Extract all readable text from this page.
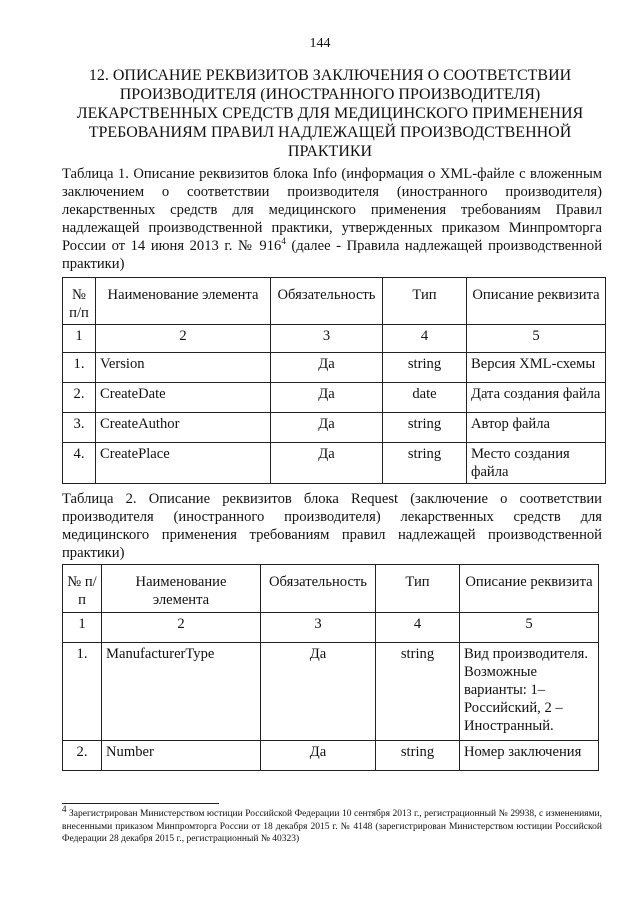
144
12. ОПИСАНИЕ РЕКВИЗИТОВ ЗАКЛЮЧЕНИЯ О СООТВЕТСТВИИ ПРОИЗВОДИТЕЛЯ (ИНОСТРАННОГО ПРОИЗВОДИТЕЛЯ) ЛЕКАРСТВЕННЫХ СРЕДСТВ ДЛЯ МЕДИЦИНСКОГО ПРИМЕНЕНИЯ ТРЕБОВАНИЯМ ПРАВИЛ НАДЛЕЖАЩЕЙ ПРОИЗВОДСТВЕННОЙ ПРАКТИКИ
Таблица 1. Описание реквизитов блока Info (информация о XML-файле с вложенным заключением о соответствии производителя (иностранного производителя) лекарственных средств для медицинского применения требованиям Правил надлежащей производственной практики, утвержденных приказом Минпромторга России от 14 июня 2013 г. № $916^4$ (далее - Правила надлежащей производственной практики)
№ п/п	Наименование элемента	Обязательность	Тип	Описание реквизита
1	2	3	4	5
1.	Version	Да	string	Версия XML-схемы
2.	CreateDate	Да	date	Дата создания файла
3.	CreateAuthor	Да	string	Автор файла
4.	CreatePlace	Да	string	Место создания файла
Таблица 2. Описание реквизитов блока Request (заключение о соответствии производителя (иностранного производителя) лекарственных средств для медицинского применения требованиям правил надлежащей производственной практики)
№ п/п	Наименование элемента	Обязательность	Тип	Описание реквизита
1	2	3	4	5
1.	ManufacturerType	Да	string	Вид производителя. Возможные варианты: 1– Российский, 2 – Иностранный.
2.	Number	Да	string	Номер заключения
$^4$ Зарегистрирован Министерством юстиции Российской Федерации 10 сентября 2013 г., регистрационный № 29938, с изменениями, внесенными приказом Минпромторга России от 18 декабря 2015 г. № 4148 (зарегистрирован Министерством юстиции Российской Федерации 28 декабря 2015 г., регистрационный № 40323)
